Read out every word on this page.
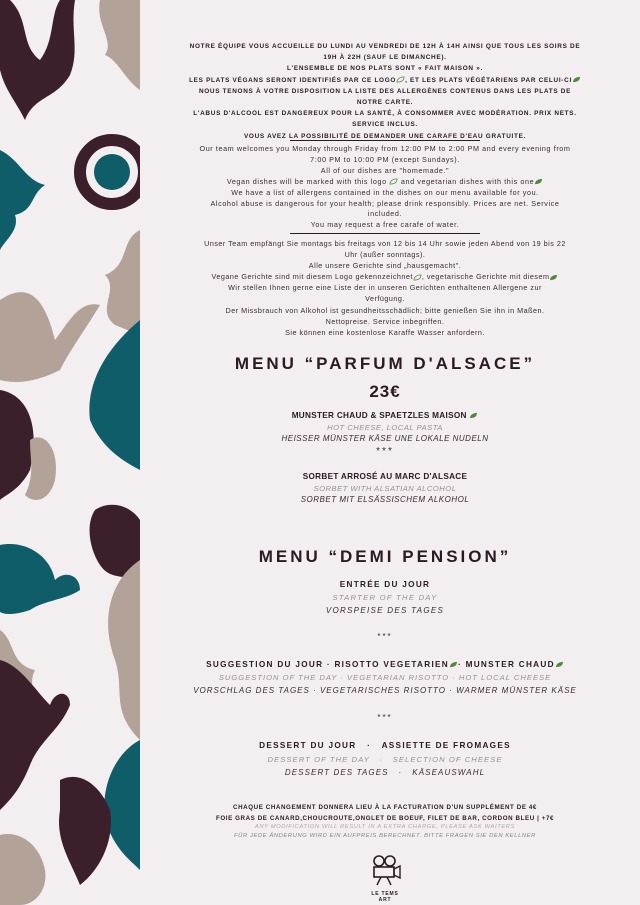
NOTRE ÉQUIPE VOUS ACCUEILLE DU LUNDI AU VENDREDI DE 12H À 14H AINSI QUE TOUS LES SOIRS DE

19H À 22H (SAUF LE DIMANCHE).

L'ENSEMBLE DE NOS PLATS SONT « FAIT MAISON ».

LES PLATS VÉGANS SERONT IDENTIFIÉS PAR CE LOGO , ET LES PLATS VÉGÉTARIENS PAR CELUI-CI

NOUS TENONS À VOTRE DISPOSITION LA LISTE DES ALLERGÈNES CONTENUS DANS LES PLATS DE

NOTRE CARTE.

L'ABUS D'ALCOOL EST DANGEREUX POUR LA SANTÉ, À CONSOMMER AVEC MODÉRATION. PRIX NETS.

SERVICE INCLUS.

VOUS AVEZ LA POSSIBILITÉ DE DEMANDER UNE CARAFE D'EAU GRATUITE.

Our team welcomes you Monday through Friday from 12:00 PM to 2:00 PM and every evening from

7:00 PM to 10:00 PM (except Sundays).

All of our dishes are "homemade."

Vegan dishes will be marked with this logo and vegetarian dishes with this one

We have a list of allergens contained in the dishes on our menu available for you.

Alcohol abuse is dangerous for your health; please drink responsibly. Prices are net. Service

included.

You may request a free carafe of water.

Unser Team empfängt Sie montags bis freitags von 12 bis 14 Uhr sowie jeden Abend von 19 bis 22

Uhr (außer sonntags).

Alle unsere Gerichte sind „hausgemacht".

Vegane Gerichte sind mit diesem Logo gekennzeichnet , vegetarische Gerichte mit diesem

Wir stellen Ihnen gerne eine Liste der in unseren Gerichten enthaltenen Allergene zur

Verfügung.

Der Missbrauch von Alkohol ist gesundheitsschädlich; bitte genießen Sie ihn in Maßen.

Nettopreise. Service inbegriffen.

Sie können eine kostenlose Karaffe Wasser anfordern.

MENU “PARFUM D'ALSACE”
23€
MUNSTER CHAUD & SPAETZLES MAISON
HOT CHEESE, LOCAL PASTA
HEISSER MÜNSTER KÄSE UNE LOKALE NUDELN
***
SORBET ARROSÉ AU MARC D'ALSACE
SORBET WITH ALSATIAN ALCOHOL
SORBET MIT ELSÄSSISCHEM ALKOHOL
MENU “DEMI PENSION”
ENTRÉE DU JOUR
STARTER OF THE DAY
VORSPEISE DES TAGES
***
SUGGESTION DU JOUR · RISOTTO VEGETARIEN · MUNSTER CHAUD
SUGGESTION OF THE DAY · VEGETARIAN RISOTTO · HOT LOCAL CHEESE
VORSCHLAG DES TAGES · VEGETARISCHES RISOTTO · WARMER MÜNSTER KÄSE
***
DESSERT DU JOUR   ·   ASSIETTE DE FROMAGES
DESSERT OF THE DAY   ·   SELECTION OF CHEESE
DESSERT DES TAGES   ·   KÄSEAUSWAHL
CHAQUE CHANGEMENT DONNERA LIEU À LA FACTURATION D'UN SUPPLÉMENT DE 4€
FOIE GRAS DE CANARD,CHOUCROUTE,ONGLET DE BOEUF, FILET DE BAR, CORDON BLEU | +7€
ANY MODIFICATION WILL RESULT IN A EXTRA CHARGE, PLEASE ASK WAITERS
FÜR JEDE ÄNDERUNG WIRD EIN AUFPREIS BERECHNET. BITTE FRAGEN SIE DEN KELLNER
LE TEMS ART
